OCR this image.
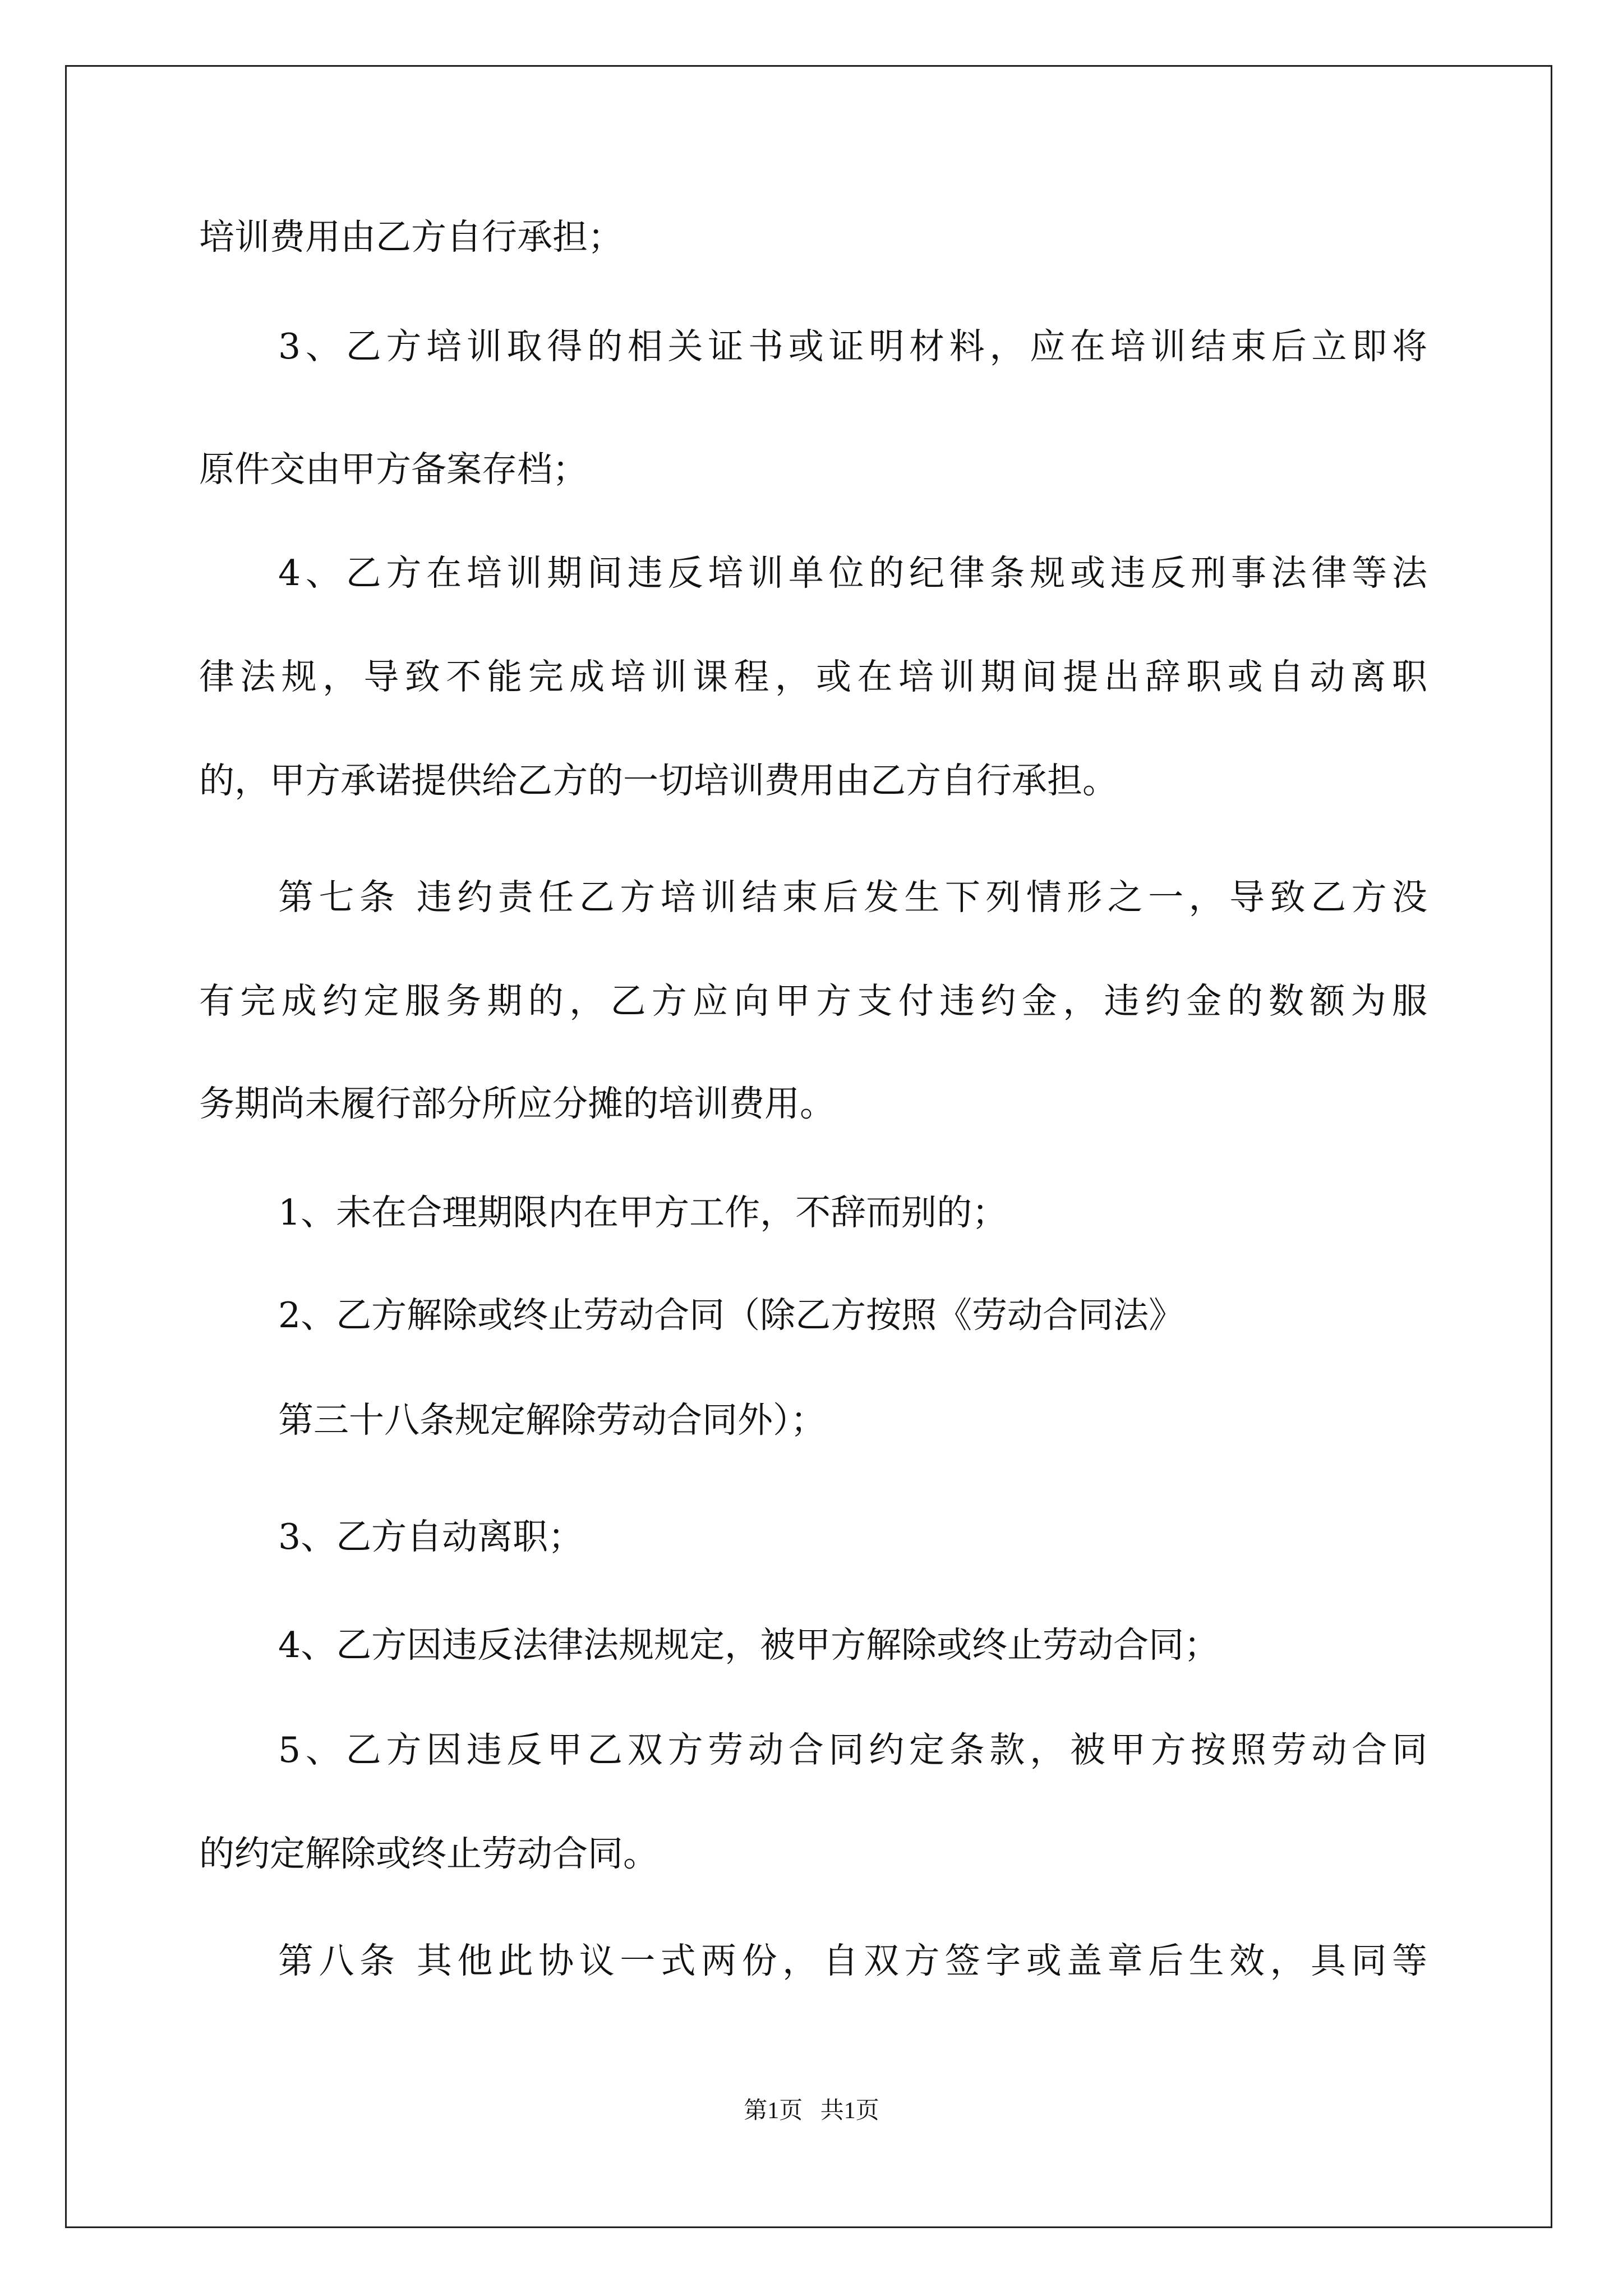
培训费用由乙方自行承担；
3、乙方培训取得的相关证书或证明材料，应在培训结束后立即将
原件交由甲方备案存档；
4、乙方在培训期间违反培训单位的纪律条规或违反刑事法律等法
律法规，导致不能完成培训课程，或在培训期间提出辞职或自动离职
的，甲方承诺提供给乙方的一切培训费用由乙方自行承担。
第七条 违约责任乙方培训结束后发生下列情形之一，导致乙方没
有完成约定服务期的，乙方应向甲方支付违约金，违约金的数额为服
务期尚未履行部分所应分摊的培训费用。
1、未在合理期限内在甲方工作，不辞而别的；
2、乙方解除或终止劳动合同（除乙方按照《劳动合同法》
第三十八条规定解除劳动合同外）；
3、乙方自动离职；
4、乙方因违反法律法规规定，被甲方解除或终止劳动合同；
5、乙方因违反甲乙双方劳动合同约定条款，被甲方按照劳动合同
的约定解除或终止劳动合同。
第八条 其他此协议一式两份，自双方签字或盖章后生效，具同等
第1页   共1页
